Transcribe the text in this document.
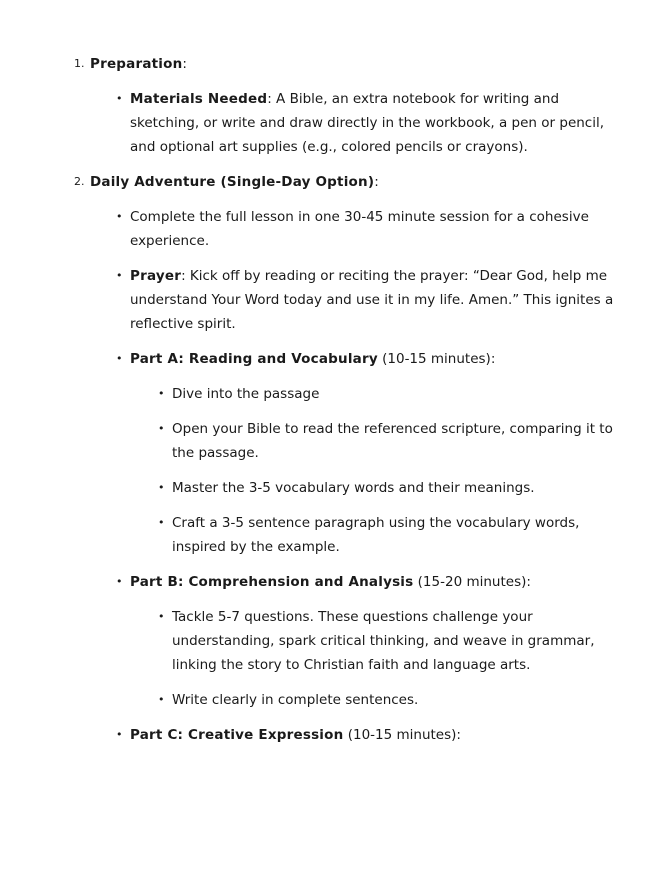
1. Preparation:
• Materials Needed: A Bible, an extra notebook for writing and sketching, or write and draw directly in the workbook, a pen or pencil, and optional art supplies (e.g., colored pencils or crayons).
2. Daily Adventure (Single-Day Option):
• Complete the full lesson in one 30-45 minute session for a cohesive experience.
• Prayer: Kick off by reading or reciting the prayer: “Dear God, help me understand Your Word today and use it in my life. Amen.” This ignites a reflective spirit.
• Part A: Reading and Vocabulary (10-15 minutes):
• Dive into the passage
• Open your Bible to read the referenced scripture, comparing it to the passage.
• Master the 3-5 vocabulary words and their meanings.
• Craft a 3-5 sentence paragraph using the vocabulary words, inspired by the example.
• Part B: Comprehension and Analysis (15-20 minutes):
• Tackle 5-7 questions. These questions challenge your understanding, spark critical thinking, and weave in grammar, linking the story to Christian faith and language arts.
• Write clearly in complete sentences.
• Part C: Creative Expression (10-15 minutes):
